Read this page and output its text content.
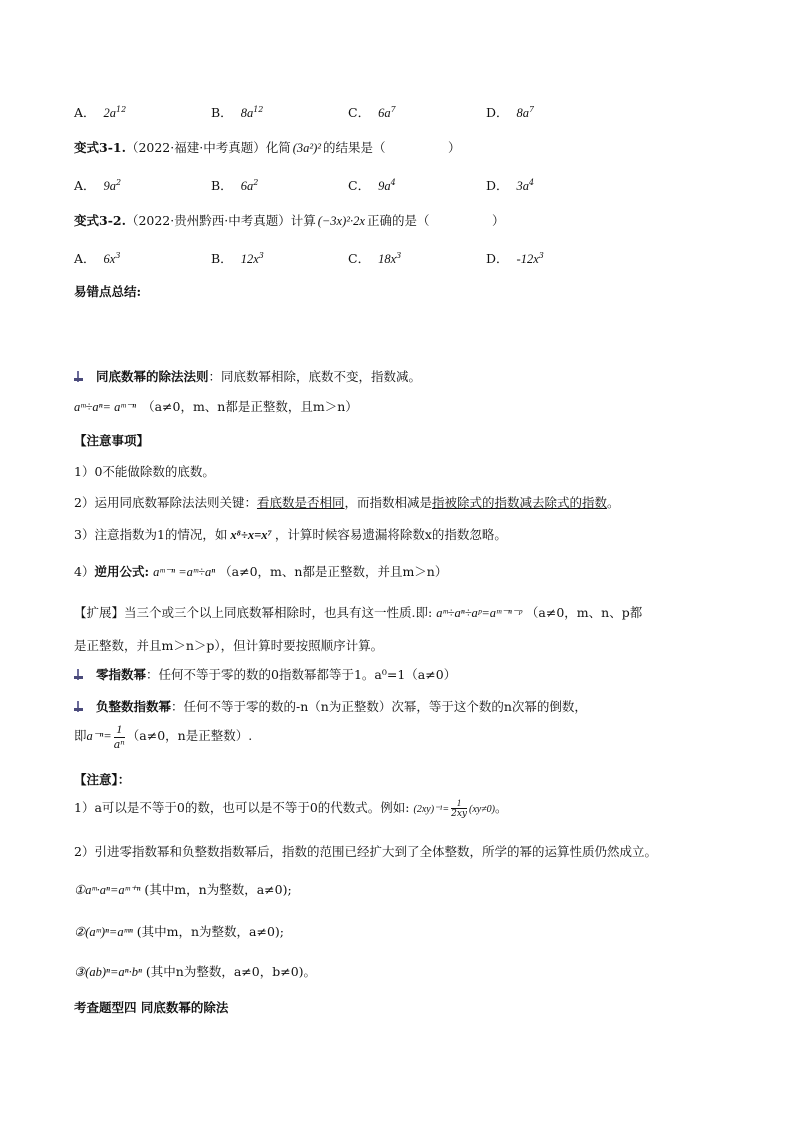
A． $2a^{12}$	B． $8a^{12}$	C． $6a^7$	D． $8a^7$
变式3-1.（2022·福建·中考真题）化简 (3a²)² 的结果是（　　　　　）
A． $9a^2$	B． $6a^2$	C． $9a^4$	D． $3a^4$
变式3-2.（2022·贵州黔西·中考真题）计算 (−3x)²·2x 正确的是（　　　　　）
A． $6x^3$	B． $12x^3$	C． $18x^3$	D． $-12x^3$
易错点总结:
同底数幂的除法法则：同底数幂相除，底数不变，指数减。
aᵐ÷aⁿ= aᵐ⁻ⁿ （a≠0，m、n都是正整数，且m＞n）
【注意事项】
1）0不能做除数的底数。
2）运用同底数幂除法法则关键：看底数是否相同，而指数相减是指被除式的指数减去除式的指数。
3）注意指数为1的情况，如 x⁸÷x=x⁷ ，计算时候容易遗漏将除数x的指数忽略。
4）逆用公式: aᵐ⁻ⁿ =aᵐ÷aⁿ （a≠0，m、n都是正整数，并且m＞n）
【扩展】当三个或三个以上同底数幂相除时，也具有这一性质.即: aᵐ÷aⁿ÷aᵖ=aᵐ⁻ⁿ⁻ᵖ （a≠0，m、n、p都
是正整数，并且m＞n＞p），但计算时要按照顺序计算。
零指数幂：任何不等于零的数的0指数幂都等于1。a⁰=1（a≠0）
负整数指数幂：任何不等于零的数的-n（n为正整数）次幂，等于这个数的n次幂的倒数，
即$a^{-n}= \frac{1}{\text{aⁿ}} (a\ne 0$，n是正整数）.
【注意】：
1）a可以是不等于0的数，也可以是不等于0的代数式。例如: $(2xy)^{-1}= \frac{1}{2xy} (xy\ne 0)$。
2）引进零指数幂和负整数指数幂后，指数的范围已经扩大到了全体整数，所学的幂的运算性质仍然成立。
①aᵐ·aⁿ=aᵐ⁺ⁿ (其中m，n为整数，a≠0);
②(aᵐ)ⁿ=aᵐⁿ (其中m，n为整数，a≠0);
③(ab)ⁿ=aⁿ·bⁿ (其中n为整数，a≠0，b≠0)。
考查题型四 同底数幂的除法
